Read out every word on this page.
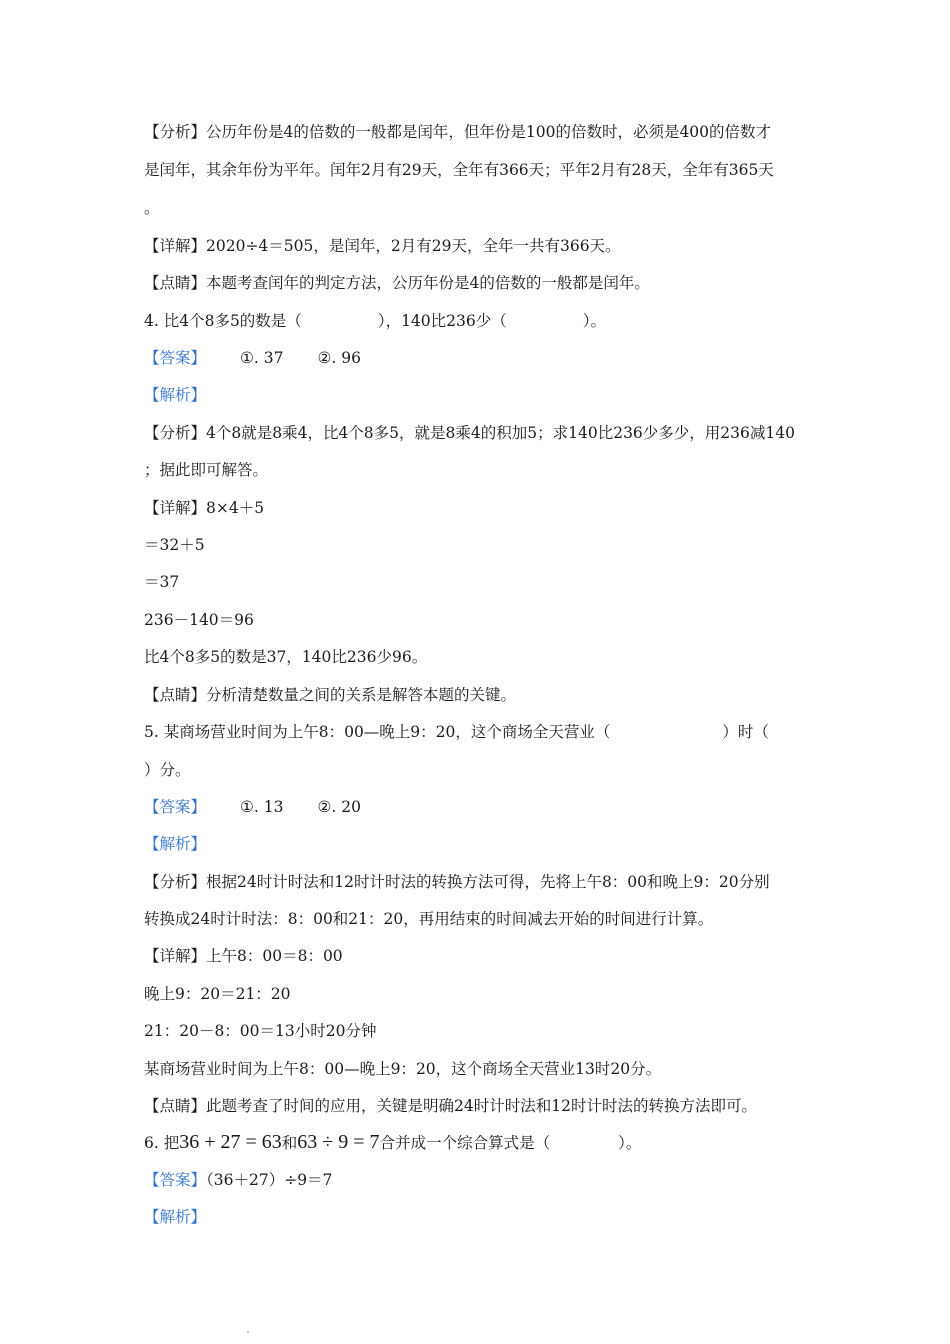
【分析】公历年份是4的倍数的一般都是闰年，但年份是100的倍数时，必须是400的倍数才
是闰年，其余年份为平年。闰年2月有29天，全年有366天；平年2月有28天，全年有365天
。
【详解】2020÷4＝505，是闰年，2月有29天，全年一共有366天。
【点睛】本题考查闰年的判定方法，公历年份是4的倍数的一般都是闰年。
4. 比4个8多5的数是（	），140比236少（	）。
【答案】 ①. 37 ②. 96
【解析】
【分析】4个8就是8乘4，比4个8多5，就是8乘4的积加5；求140比236少多少，用236减140
；据此即可解答。
【详解】8×4＋5
＝32＋5
＝37
236－140＝96
比4个8多5的数是37，140比236少96。
【点睛】分析清楚数量之间的关系是解答本题的关键。
5. 某商场营业时间为上午8：00—晚上9：20，这个商场全天营业（	）时（
）分。
【答案】 ①. 13 ②. 20
【解析】
【分析】根据24时计时法和12时计时法的转换方法可得，先将上午8：00和晚上9：20分别
转换成24时计时法：8：00和21：20，再用结束的时间减去开始的时间进行计算。
【详解】上午8：00＝8：00
晚上9：20＝21：20
21：20－8：00＝13小时20分钟
某商场营业时间为上午8：00—晚上9：20，这个商场全天营业13时20分。
【点睛】此题考查了时间的应用，关键是明确24时计时法和12时计时法的转换方法即可。
6. 把36 + 27 = 63和63 ÷ 9 = 7合并成一个综合算式是（	）。
【答案】（36＋27）÷9＝7
【解析】
